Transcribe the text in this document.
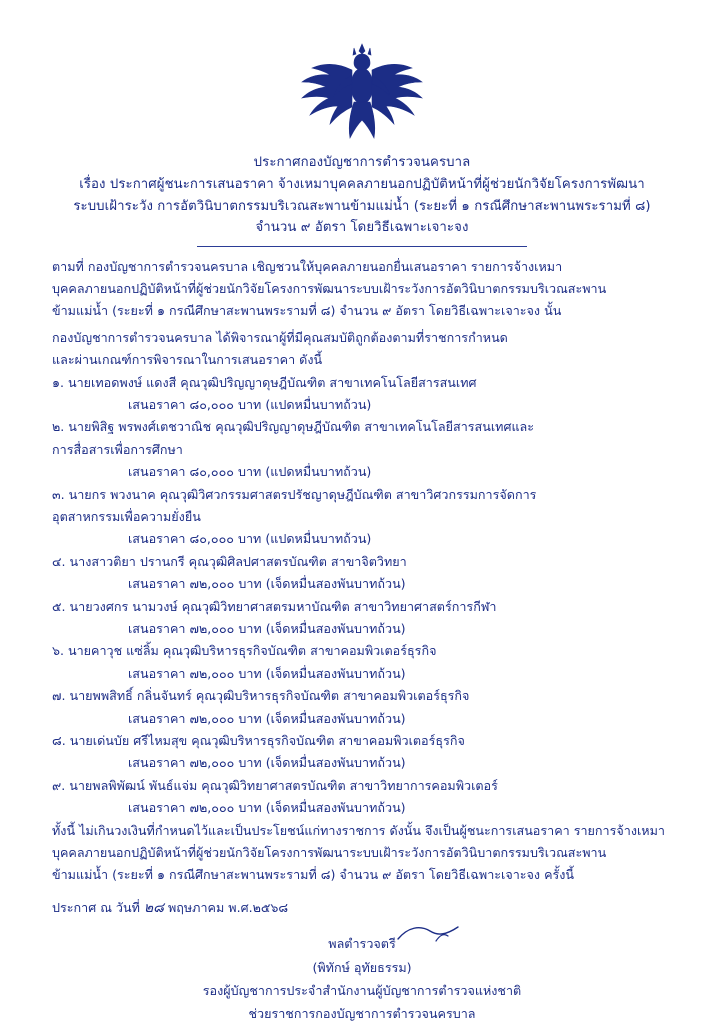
ประกาศกองบัญชาการตำรวจนครบาล
เรื่อง ประกาศผู้ชนะการเสนอราคา จ้างเหมาบุคคลภายนอกปฏิบัติหน้าที่ผู้ช่วยนักวิจัยโครงการพัฒนา
ระบบเฝ้าระวัง การอัตวินิบาตกรรมบริเวณสะพานข้ามแม่น้ำ (ระยะที่ ๑ กรณีศึกษาสะพานพระรามที่ ๘)
จำนวน ๙ อัตรา โดยวิธีเฉพาะเจาะจง

ตามที่ กองบัญชาการตำรวจนครบาล เชิญชวนให้บุคคลภายนอกยื่นเสนอราคา รายการจ้างเหมา

บุคคลภายนอกปฏิบัติหน้าที่ผู้ช่วยนักวิจัยโครงการพัฒนาระบบเฝ้าระวังการอัตวินิบาตกรรมบริเวณสะพาน

ข้ามแม่น้ำ (ระยะที่ ๑ กรณีศึกษาสะพานพระรามที่ ๘) จำนวน ๙ อัตรา โดยวิธีเฉพาะเจาะจง นั้น

กองบัญชาการตำรวจนครบาล ได้พิจารณาผู้ที่มีคุณสมบัติถูกต้องตามที่ราชการกำหนด

และผ่านเกณฑ์การพิจารณาในการเสนอราคา ดังนี้

๑. นายเทอดพงษ์ แดงสี คุณวุฒิปริญญาดุษฎีบัณฑิต สาขาเทคโนโลยีสารสนเทศ

เสนอราคา ๘๐,๐๐๐ บาท (แปดหมื่นบาทถ้วน)

๒. นายพิสิฐ พรพงศ์เตชวาณิช คุณวุฒิปริญญาดุษฎีบัณฑิต สาขาเทคโนโลยีสารสนเทศและ

การสื่อสารเพื่อการศึกษา

เสนอราคา ๘๐,๐๐๐ บาท (แปดหมื่นบาทถ้วน)

๓. นายกร พวงนาค คุณวุฒิวิศวกรรมศาสตรปรัชญาดุษฎีบัณฑิต สาขาวิศวกรรมการจัดการ

อุตสาหกรรมเพื่อความยั่งยืน

เสนอราคา ๘๐,๐๐๐ บาท (แปดหมื่นบาทถ้วน)

๔. นางสาวติยา ปรานกรี คุณวุฒิศิลปศาสตรบัณฑิต สาขาจิตวิทยา

เสนอราคา ๗๒,๐๐๐ บาท (เจ็ดหมื่นสองพันบาทถ้วน)

๕. นายวงศกร นามวงษ์ คุณวุฒิวิทยาศาสตรมหาบัณฑิต สาขาวิทยาศาสตร์การกีฬา

เสนอราคา ๗๒,๐๐๐ บาท (เจ็ดหมื่นสองพันบาทถ้วน)

๖. นายคาวุช แซ่ลิ้ม คุณวุฒิบริหารธุรกิจบัณฑิต สาขาคอมพิวเตอร์ธุรกิจ

เสนอราคา ๗๒,๐๐๐ บาท (เจ็ดหมื่นสองพันบาทถ้วน)

๗. นายพพสิทธิ์ กลิ่นจันทร์ คุณวุฒิบริหารธุรกิจบัณฑิต สาขาคอมพิวเตอร์ธุรกิจ

เสนอราคา ๗๒,๐๐๐ บาท (เจ็ดหมื่นสองพันบาทถ้วน)

๘. นายเด่นบัย ศรีไหมสุข คุณวุฒิบริหารธุรกิจบัณฑิต สาขาคอมพิวเตอร์ธุรกิจ

เสนอราคา ๗๒,๐๐๐ บาท (เจ็ดหมื่นสองพันบาทถ้วน)

๙. นายพลพิพัฒน์ พันธ์แจ่ม คุณวุฒิวิทยาศาสตรบัณฑิต สาขาวิทยาการคอมพิวเตอร์

เสนอราคา ๗๒,๐๐๐ บาท (เจ็ดหมื่นสองพันบาทถ้วน)

ทั้งนี้ ไม่เกินวงเงินที่กำหนดไว้และเป็นประโยชน์แก่ทางราชการ ดังนั้น จึงเป็นผู้ชนะการเสนอราคา รายการจ้างเหมา

บุคคลภายนอกปฏิบัติหน้าที่ผู้ช่วยนักวิจัยโครงการพัฒนาระบบเฝ้าระวังการอัตวินิบาตกรรมบริเวณสะพาน

ข้ามแม่น้ำ (ระยะที่ ๑ กรณีศึกษาสะพานพระรามที่ ๘) จำนวน ๙ อัตรา โดยวิธีเฉพาะเจาะจง ครั้งนี้

ประกาศ ณ วันที่ ๒๘ พฤษภาคม พ.ศ.๒๕๖๘

พลตำรวจตรี
(พิทักษ์ อุทัยธรรม)
รองผู้บัญชาการประจำสำนักงานผู้บัญชาการตำรวจแห่งชาติ
ช่วยราชการกองบัญชาการตำรวจนครบาล
